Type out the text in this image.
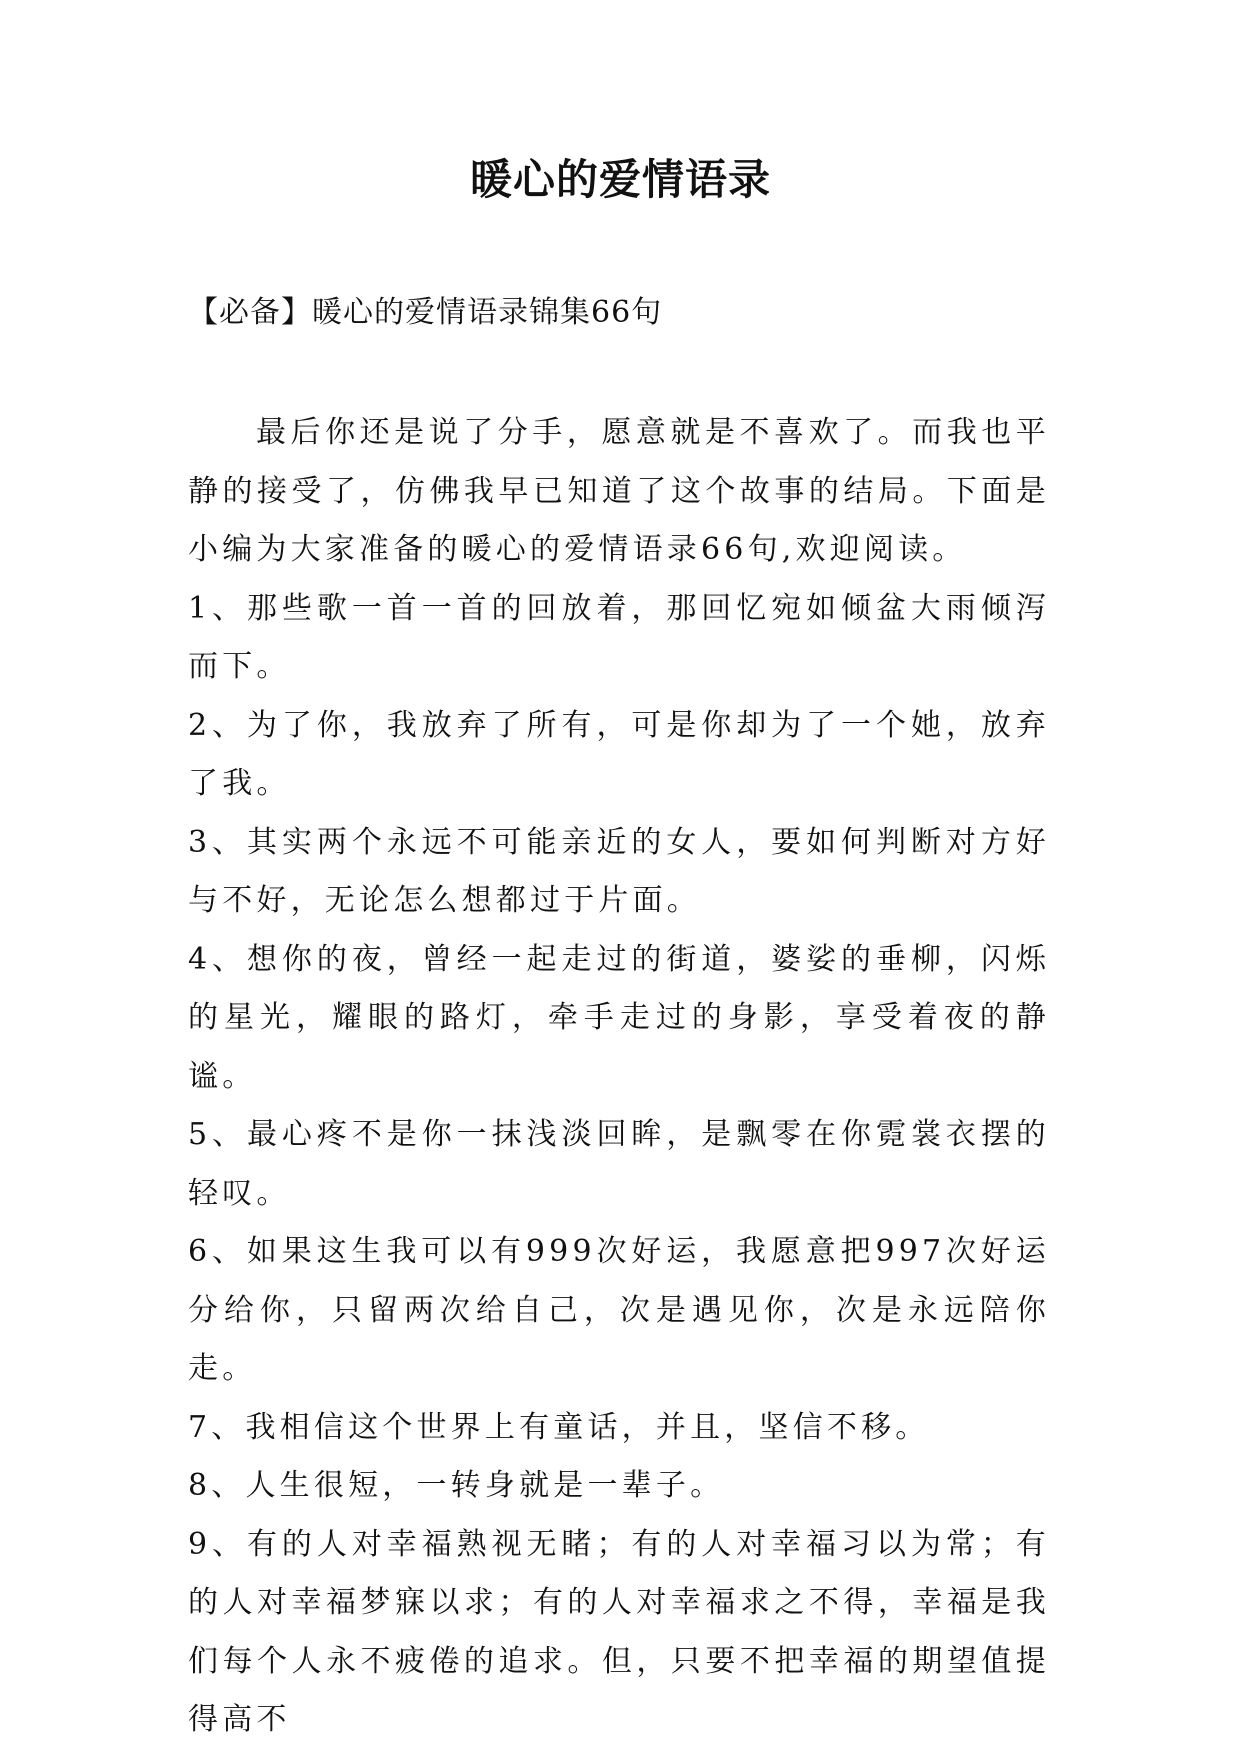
暖心的爱情语录

【必备】暖心的爱情语录锦集66句

最后你还是说了分手，愿意就是不喜欢了。而我也平静的接受了，仿佛我早已知道了这个故事的结局。下面是小编为大家准备的暖心的爱情语录66句,欢迎阅读。

1、那些歌一首一首的回放着，那回忆宛如倾盆大雨倾泻而下。

2、为了你，我放弃了所有，可是你却为了一个她，放弃了我。

3、其实两个永远不可能亲近的女人，要如何判断对方好与不好，无论怎么想都过于片面。

4、想你的夜，曾经一起走过的街道，婆娑的垂柳，闪烁的星光，耀眼的路灯，牵手走过的身影，享受着夜的静谧。

5、最心疼不是你一抹浅淡回眸，是飘零在你霓裳衣摆的轻叹。

6、如果这生我可以有999次好运，我愿意把997次好运分给你，只留两次给自己，次是遇见你，次是永远陪你走。

7、我相信这个世界上有童话，并且，坚信不移。

8、人生很短，一转身就是一辈子。

9、有的人对幸福熟视无睹；有的人对幸福习以为常；有的人对幸福梦寐以求；有的人对幸福求之不得，幸福是我们每个人永不疲倦的追求。但，只要不把幸福的期望值提得高不
